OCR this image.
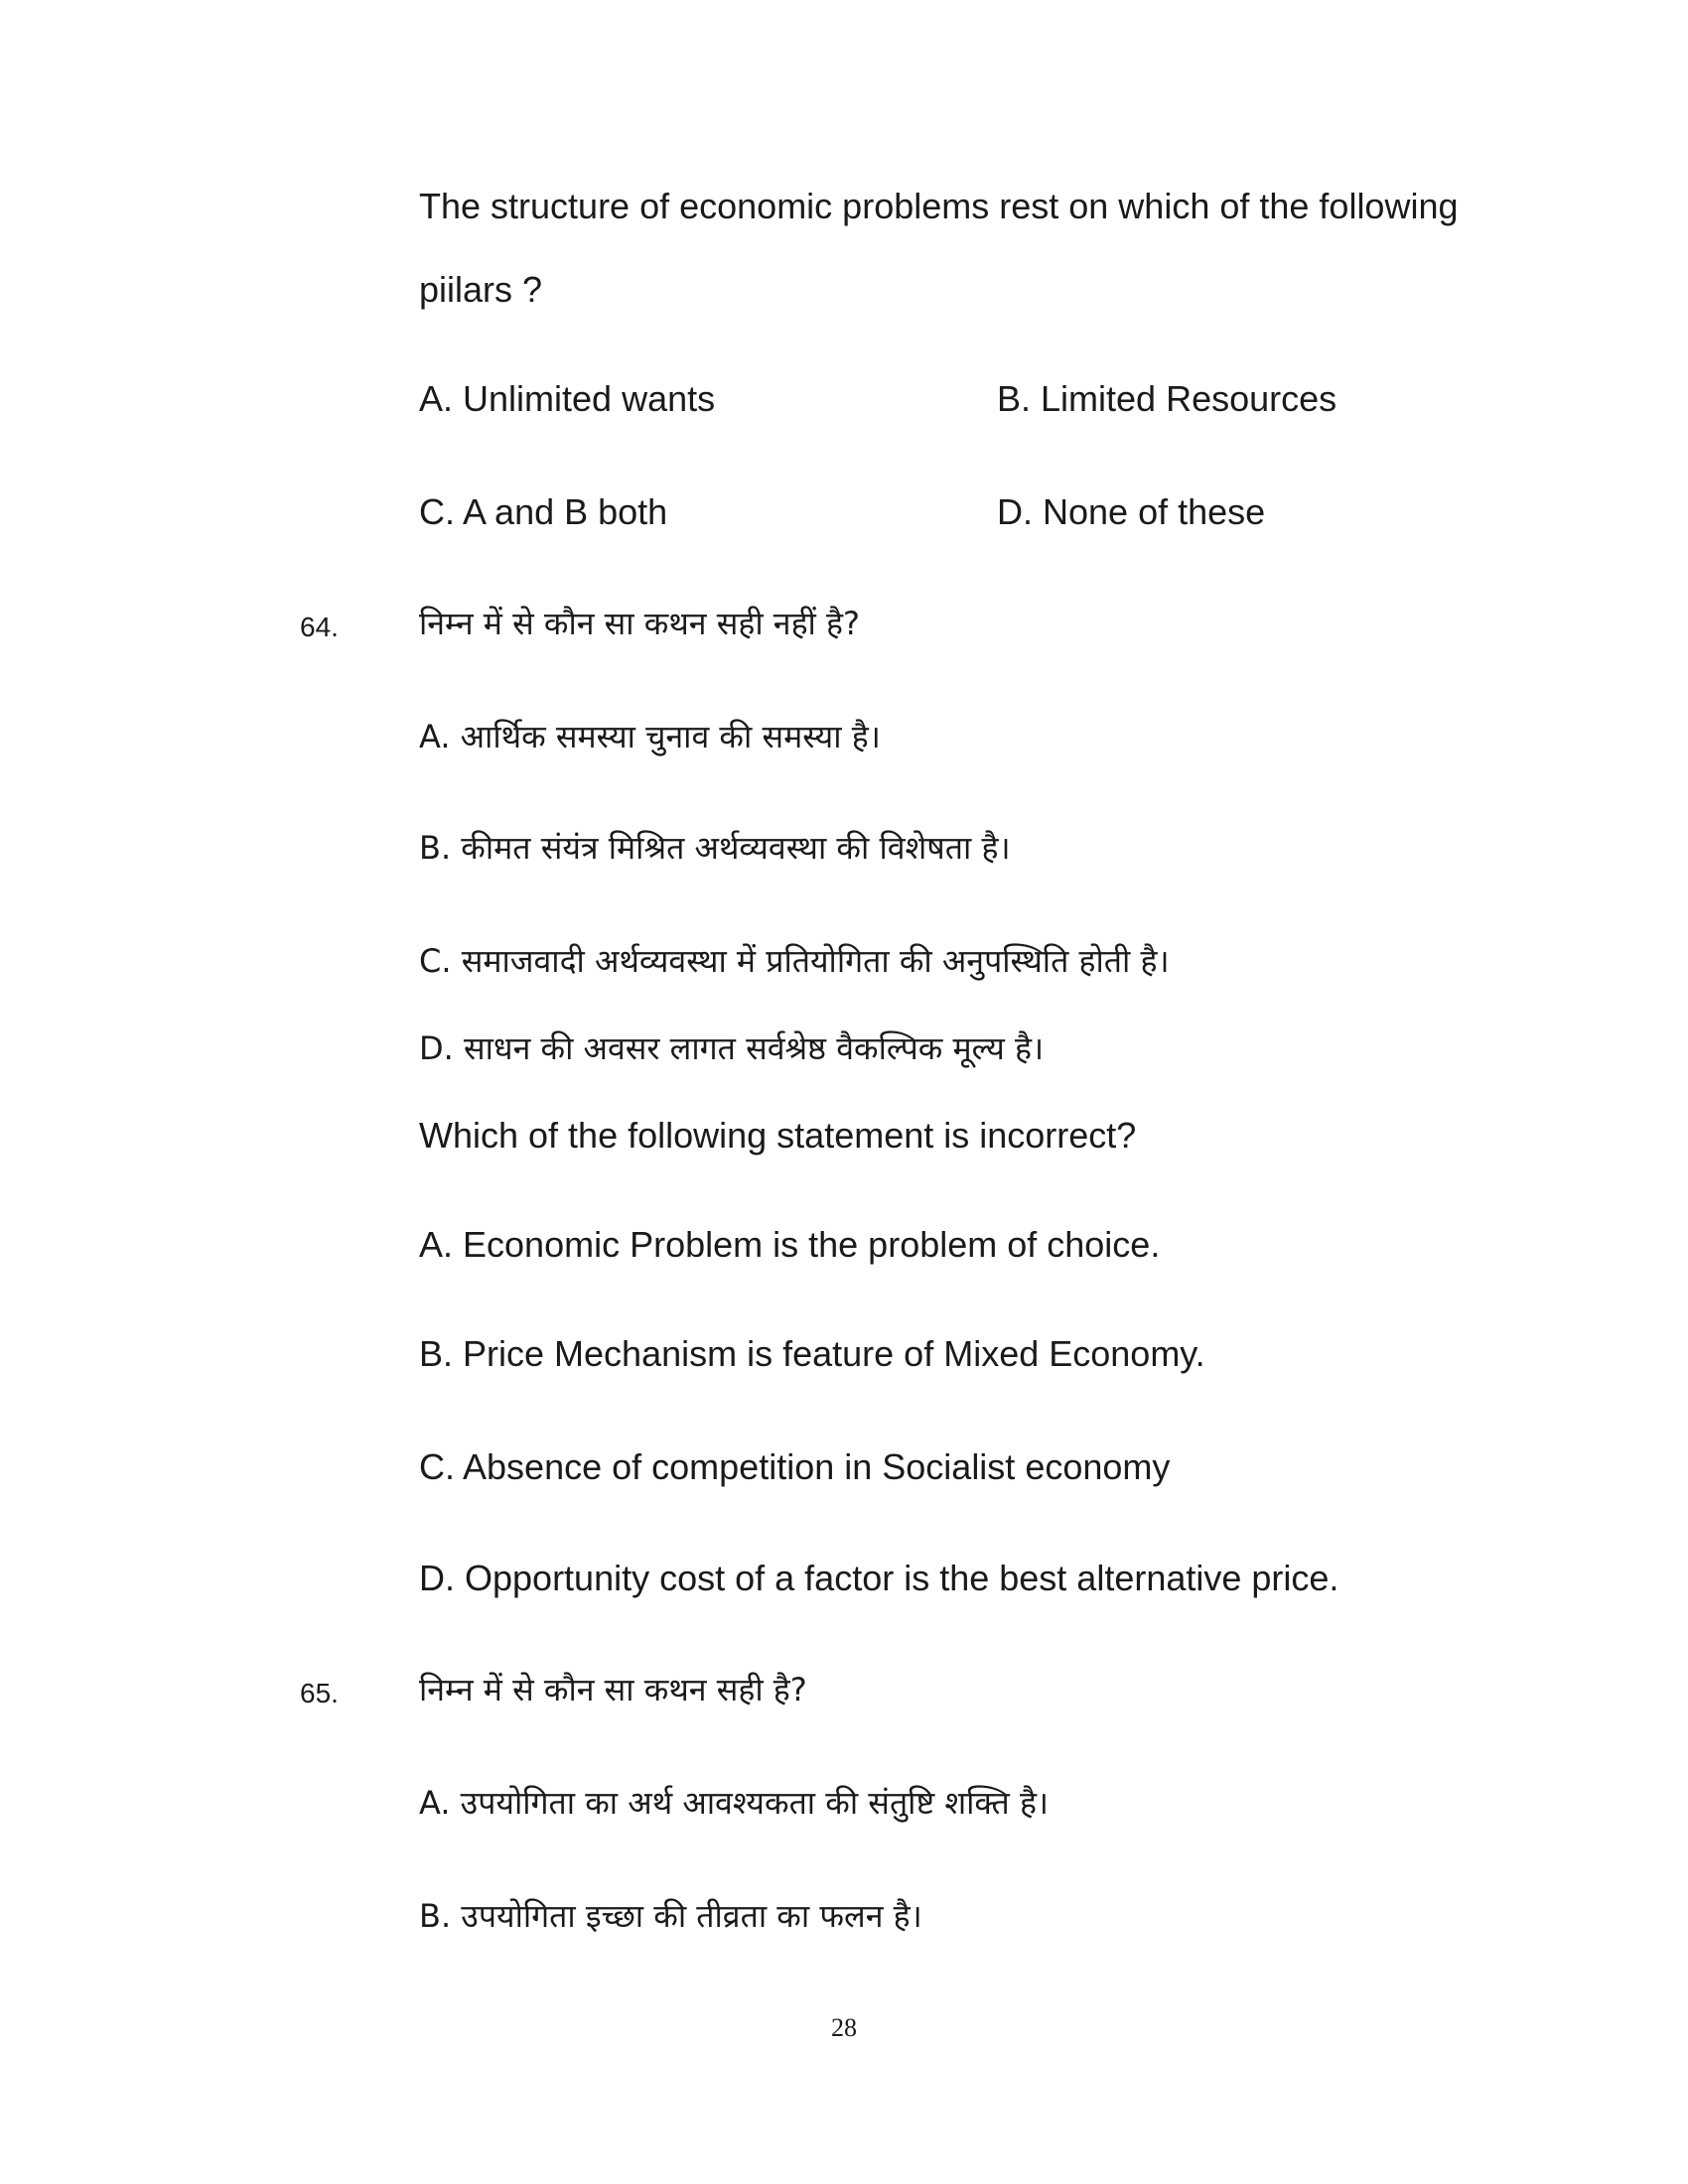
The structure of economic problems rest on which of the following
piilars ?
A. Unlimited wants	B. Limited Resources
C. A and B both	D. None of these
64.	निम्न में से कौन सा कथन सही नहीं है?
A. आर्थिक समस्या चुनाव की समस्या है।
B. कीमत संयंत्र मिश्रित अर्थव्यवस्था की विशेषता है।
C. समाजवादी अर्थव्यवस्था में प्रतियोगिता की अनुपस्थिति होती है।
D. साधन की अवसर लागत सर्वश्रेष्ठ वैकल्पिक मूल्य है।
Which of the following statement is incorrect?
A. Economic Problem is the problem of choice.
B. Price Mechanism is feature of Mixed Economy.
C. Absence of competition in Socialist economy
D. Opportunity cost of a factor is the best alternative price.
65.	निम्न में से कौन सा कथन सही है?
A. उपयोगिता का अर्थ आवश्यकता की संतुष्टि शक्ति है।
B. उपयोगिता इच्छा की तीव्रता का फलन है।
28
